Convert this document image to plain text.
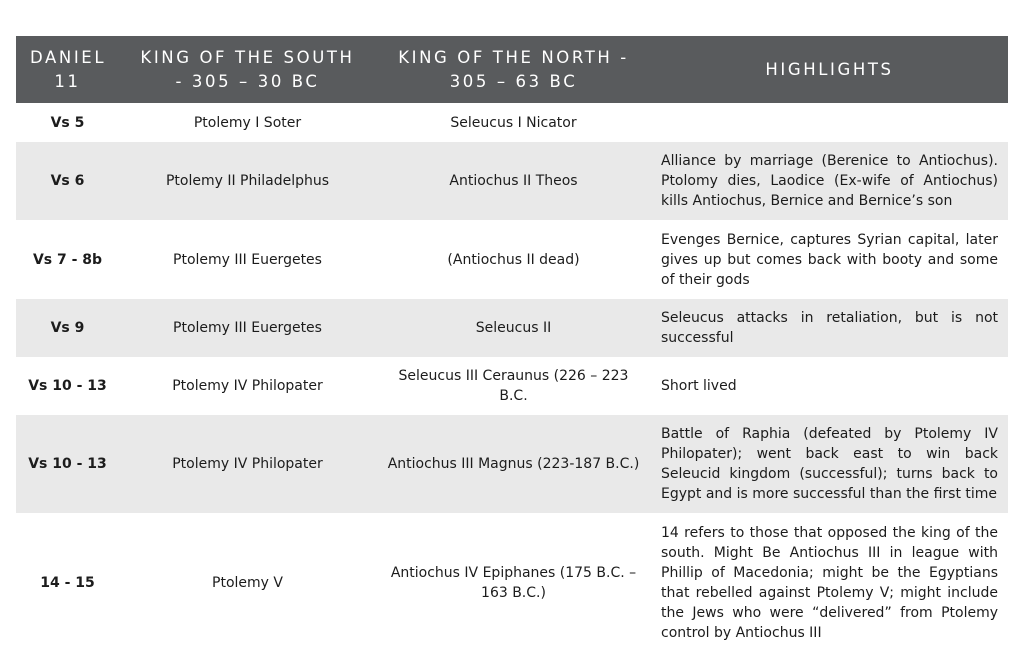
DANIEL 11	KING OF THE SOUTH - 305 – 30 BC	KING OF THE NORTH - 305 – 63 BC	HIGHLIGHTS
Vs 5	Ptolemy I Soter	Seleucus I Nicator	
Vs 6	Ptolemy II Philadelphus	Antiochus II Theos	Alliance by marriage (Berenice to Antiochus). Ptolomy dies, Laodice (Ex-wife of Antiochus) kills Antiochus, Bernice and Bernice’s son
Vs 7 - 8b	Ptolemy III Euergetes	(Antiochus II dead)	Evenges Bernice, captures Syrian capital, later gives up but comes back with booty and some of their gods
Vs 9	Ptolemy III Euergetes	Seleucus II	Seleucus attacks in retaliation, but is not successful
Vs 10 - 13	Ptolemy IV Philopater	Seleucus III Ceraunus (226 – 223 B.C.	Short lived
Vs 10 - 13	Ptolemy IV Philopater	Antiochus III Magnus (223-187 B.C.)	Battle of Raphia (defeated by Ptolemy IV Philopater); went back east to win back Seleucid kingdom (successful); turns back to Egypt and is more successful than the first time
14 - 15	Ptolemy V	Antiochus IV Epiphanes (175 B.C. – 163 B.C.)	14 refers to those that opposed the king of the south. Might Be Antiochus III in league with Phillip of Macedonia; might be the Egyptians that rebelled against Ptolemy V; might include the Jews who were “delivered” from Ptolemy control by Antiochus III
